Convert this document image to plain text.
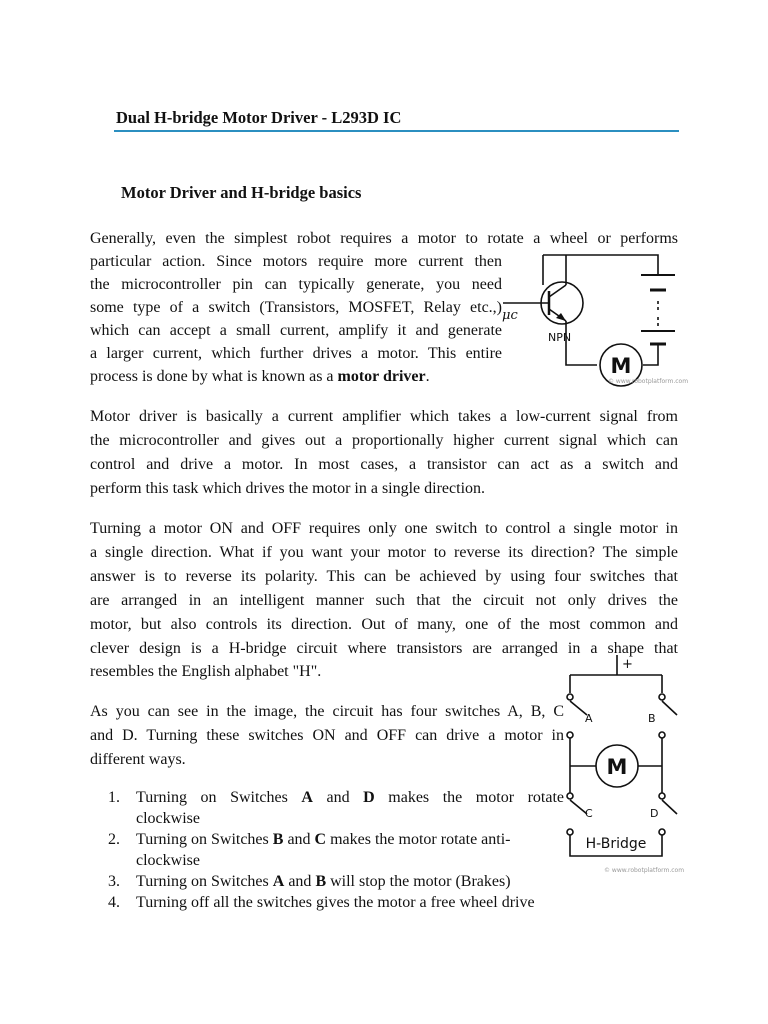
Dual H-bridge Motor Driver - L293D IC
Motor Driver and H-bridge basics
Generally, even the simplest robot requires a motor to rotate a wheel or performs
particular action. Since motors require more current then
the microcontroller pin can typically generate, you need
some type of a switch (Transistors, MOSFET, Relay etc.,)
which can accept a small current, amplify it and generate
a larger current, which further drives a motor. This entire
process is done by what is known as a motor driver.
Motor driver is basically a current amplifier which takes a low-current signal from
the microcontroller and gives out a proportionally higher current signal which can
control and drive a motor. In most cases, a transistor can act as a switch and
perform this task which drives the motor in a single direction.
Turning a motor ON and OFF requires only one switch to control a single motor in
a single direction. What if you want your motor to reverse its direction? The simple
answer is to reverse its polarity. This can be achieved by using four switches that
are arranged in an intelligent manner such that the circuit not only drives the
motor, but also controls its direction. Out of many, one of the most common and
clever design is a H-bridge circuit where transistors are arranged in a shape that
resembles the English alphabet "H".
As you can see in the image, the circuit has four switches A, B, C
and D. Turning these switches ON and OFF can drive a motor in
different ways.
1. Turning on Switches A and D makes the motor rotate
clockwise
2. Turning on Switches B and C makes the motor rotate anti-
clockwise
3. Turning on Switches A and B will stop the motor (Brakes)
4. Turning off all the switches gives the motor a free wheel drive
μc
NPN
M
© www.robotplatform.com
+
A	B
M
C	D
H-Bridge
© www.robotplatform.com
